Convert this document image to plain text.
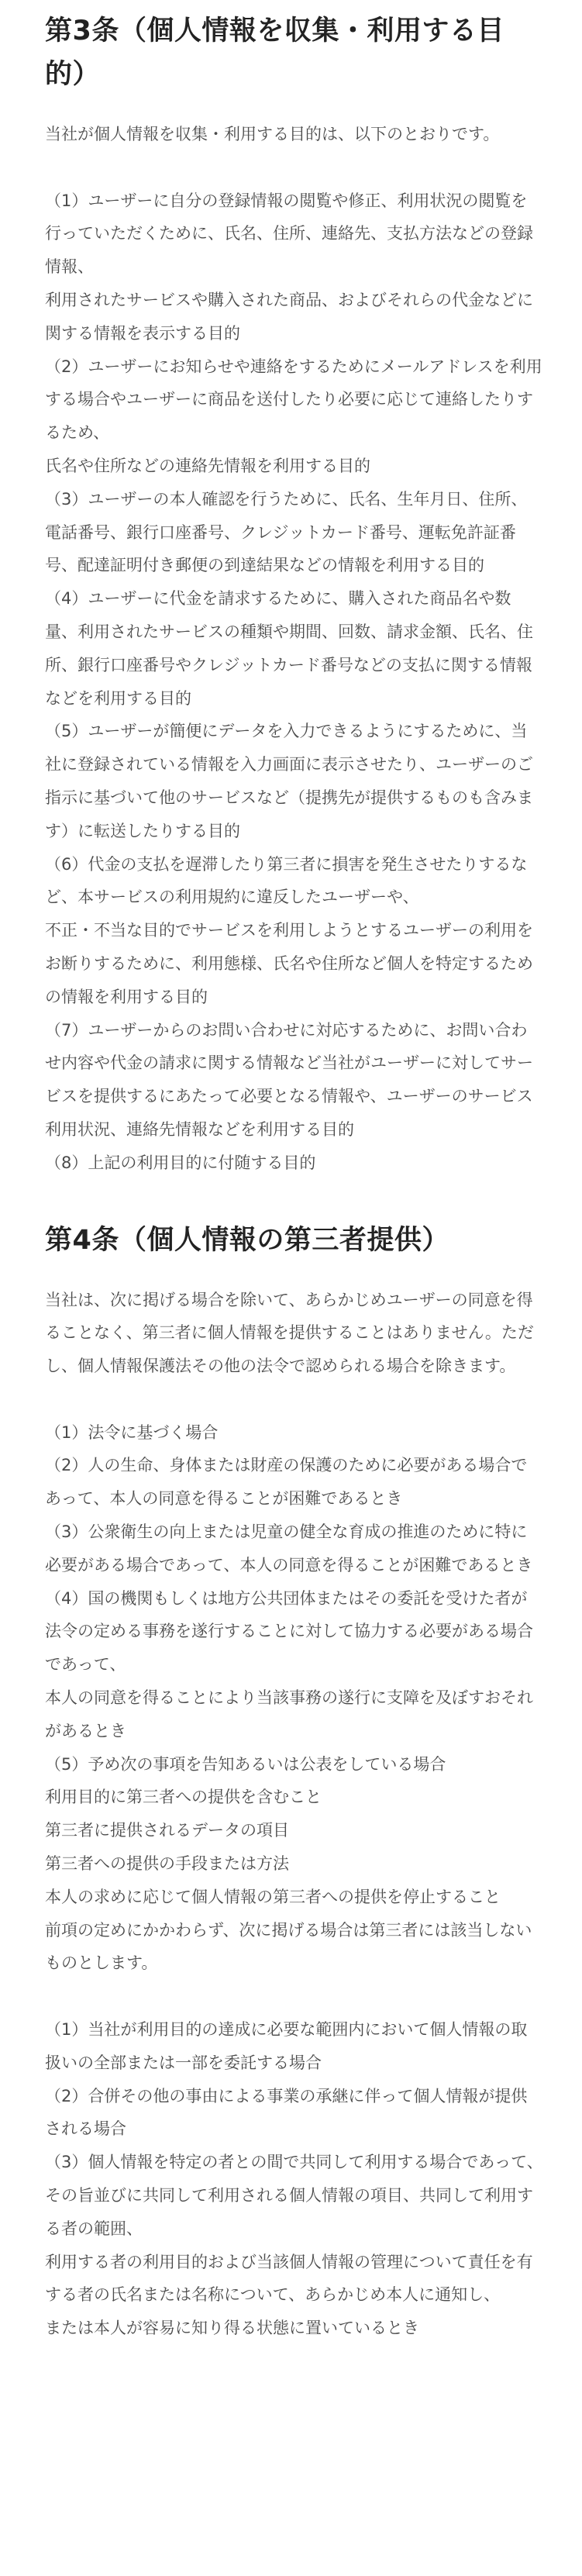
第3条（個人情報を収集・利用する目的）

当社が個人情報を収集・利用する目的は、以下のとおりです。

（1）ユーザーに自分の登録情報の閲覧や修正、利用状況の閲覧を行っていただくために、氏名、住所、連絡先、支払方法などの登録情報、
利用されたサービスや購入された商品、およびそれらの代金などに関する情報を表示する目的
（2）ユーザーにお知らせや連絡をするためにメールアドレスを利用する場合やユーザーに商品を送付したり必要に応じて連絡したりするため、
氏名や住所などの連絡先情報を利用する目的
（3）ユーザーの本人確認を行うために、氏名、生年月日、住所、電話番号、銀行口座番号、クレジットカード番号、運転免許証番号、配達証明付き郵便の到達結果などの情報を利用する目的
（4）ユーザーに代金を請求するために、購入された商品名や数量、利用されたサービスの種類や期間、回数、請求金額、氏名、住所、銀行口座番号やクレジットカード番号などの支払に関する情報などを利用する目的
（5）ユーザーが簡便にデータを入力できるようにするために、当社に登録されている情報を入力画面に表示させたり、ユーザーのご指示に基づいて他のサービスなど（提携先が提供するものも含みます）に転送したりする目的
（6）代金の支払を遅滞したり第三者に損害を発生させたりするなど、本サービスの利用規約に違反したユーザーや、
不正・不当な目的でサービスを利用しようとするユーザーの利用をお断りするために、利用態様、氏名や住所など個人を特定するための情報を利用する目的
（7）ユーザーからのお問い合わせに対応するために、お問い合わせ内容や代金の請求に関する情報など当社がユーザーに対してサービスを提供するにあたって必要となる情報や、ユーザーのサービス利用状況、連絡先情報などを利用する目的
（8）上記の利用目的に付随する目的
第4条（個人情報の第三者提供）

当社は、次に掲げる場合を除いて、あらかじめユーザーの同意を得ることなく、第三者に個人情報を提供することはありません。ただし、個人情報保護法その他の法令で認められる場合を除きます。

（1）法令に基づく場合
（2）人の生命、身体または財産の保護のために必要がある場合であって、本人の同意を得ることが困難であるとき
（3）公衆衛生の向上または児童の健全な育成の推進のために特に必要がある場合であって、本人の同意を得ることが困難であるとき
（4）国の機関もしくは地方公共団体またはその委託を受けた者が法令の定める事務を遂行することに対して協力する必要がある場合であって、
本人の同意を得ることにより当該事務の遂行に支障を及ぼすおそれがあるとき
（5）予め次の事項を告知あるいは公表をしている場合
利用目的に第三者への提供を含むこと
第三者に提供されるデータの項目
第三者への提供の手段または方法
本人の求めに応じて個人情報の第三者への提供を停止すること
前項の定めにかかわらず、次に掲げる場合は第三者には該当しないものとします。
（1）当社が利用目的の達成に必要な範囲内において個人情報の取扱いの全部または一部を委託する場合
（2）合併その他の事由による事業の承継に伴って個人情報が提供される場合
（3）個人情報を特定の者との間で共同して利用する場合であって、その旨並びに共同して利用される個人情報の項目、共同して利用する者の範囲、
利用する者の利用目的および当該個人情報の管理について責任を有する者の氏名または名称について、あらかじめ本人に通知し、
または本人が容易に知り得る状態に置いているとき
